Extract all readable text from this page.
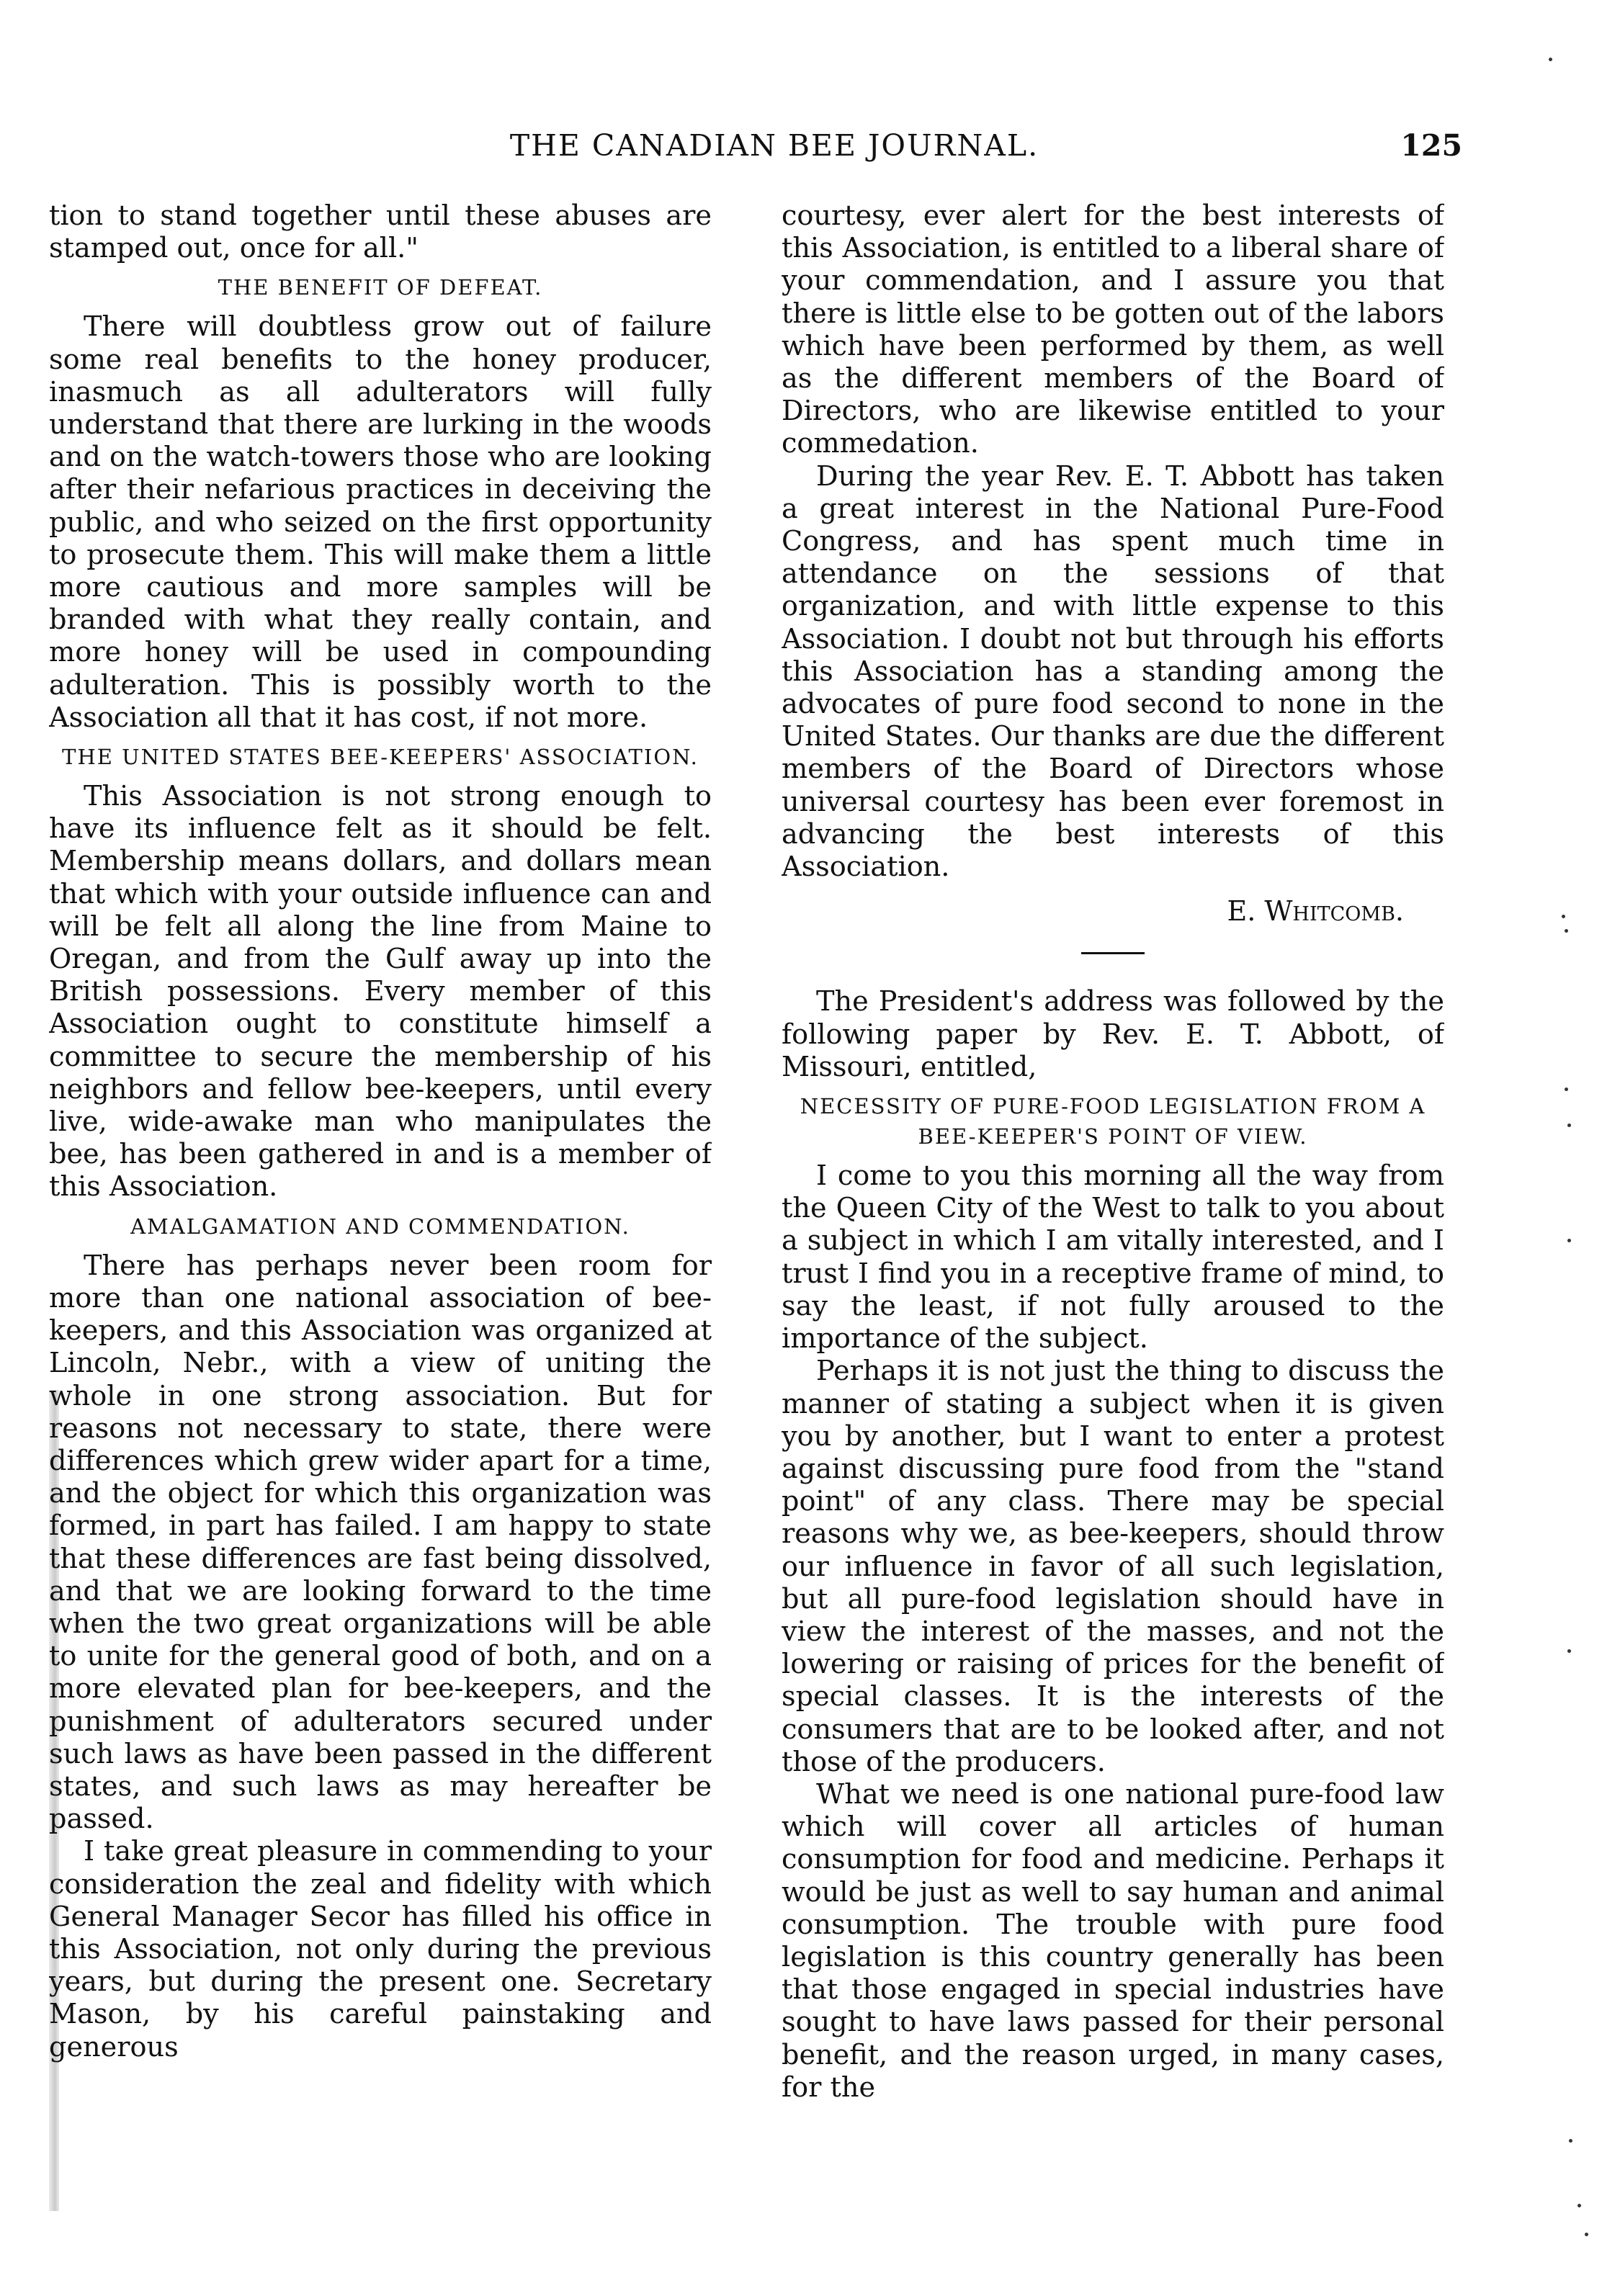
THE CANADIAN BEE JOURNAL.	125

tion to stand together until these abuses are stamped out, once for all."

THE BENEFIT OF DEFEAT.

There will doubtless grow out of failure some real benefits to the honey producer, inasmuch as all adulterators will fully understand that there are lurking in the woods and on the watch-towers those who are looking after their nefarious practices in deceiving the public, and who seized on the first opportunity to prosecute them. This will make them a little more cautious and more samples will be branded with what they really contain, and more honey will be used in compounding adulteration. This is possibly worth to the Association all that it has cost, if not more.

THE UNITED STATES BEE-KEEPERS' ASSOCIATION.

This Association is not strong enough to have its influence felt as it should be felt. Membership means dollars, and dollars mean that which with your outside influence can and will be felt all along the line from Maine to Oregan, and from the Gulf away up into the British possessions. Every member of this Association ought to constitute himself a committee to secure the membership of his neighbors and fellow bee-keepers, until every live, wide-awake man who manipulates the bee, has been gathered in and is a member of this Association.

AMALGAMATION AND COMMENDATION.

There has perhaps never been room for more than one national association of bee-keepers, and this Association was organized at Lincoln, Nebr., with a view of uniting the whole in one strong association. But for reasons not necessary to state, there were differences which grew wider apart for a time, and the object for which this organization was formed, in part has failed. I am happy to state that these differences are fast being dissolved, and that we are looking forward to the time when the two great organizations will be able to unite for the general good of both, and on a more elevated plan for bee-keepers, and the punishment of adulterators secured under such laws as have been passed in the different states, and such laws as may hereafter be passed.

I take great pleasure in commending to your consideration the zeal and fidelity with which General Manager Secor has filled his office in this Association, not only during the previous years, but during the present one. Secretary Mason, by his careful painstaking and generous

courtesy, ever alert for the best interests of this Association, is entitled to a liberal share of your commendation, and I assure you that there is little else to be gotten out of the labors which have been performed by them, as well as the different members of the Board of Directors, who are likewise entitled to your commedation.

During the year Rev. E. T. Abbott has taken a great interest in the National Pure-Food Congress, and has spent much time in attendance on the sessions of that organization, and with little expense to this Association. I doubt not but through his efforts this Association has a standing among the advocates of pure food second to none in the United States. Our thanks are due the different members of the Board of Directors whose universal courtesy has been ever foremost in advancing the best interests of this Association.

E. Whitcomb.

The President's address was followed by the following paper by Rev. E. T. Abbott, of Missouri, entitled,

NECESSITY OF PURE-FOOD LEGISLATION FROM A BEE-KEEPER'S POINT OF VIEW.

I come to you this morning all the way from the Queen City of the West to talk to you about a subject in which I am vitally interested, and I trust I find you in a receptive frame of mind, to say the least, if not fully aroused to the importance of the subject.

Perhaps it is not just the thing to discuss the manner of stating a subject when it is given you by another, but I want to enter a protest against discussing pure food from the "stand point" of any class. There may be special reasons why we, as bee-keepers, should throw our influence in favor of all such legislation, but all pure-food legislation should have in view the interest of the masses, and not the lowering or raising of prices for the benefit of special classes. It is the interests of the consumers that are to be looked after, and not those of the producers.

What we need is one national pure-food law which will cover all articles of human consumption for food and medicine. Perhaps it would be just as well to say human and animal consumption. The trouble with pure food legislation is this country generally has been that those engaged in special industries have sought to have laws passed for their personal benefit, and the reason urged, in many cases, for the
